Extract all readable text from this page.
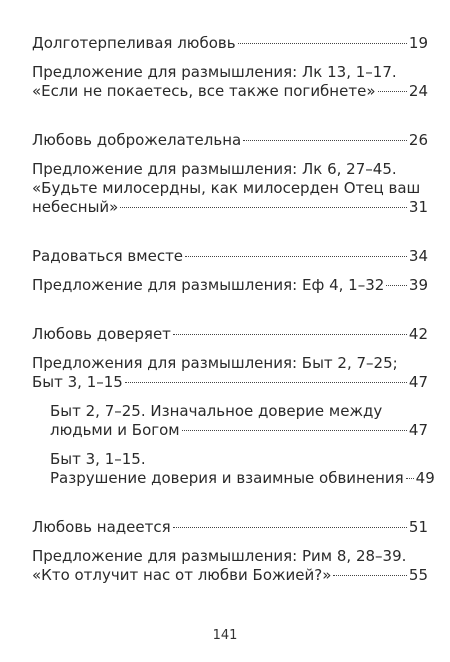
Долготерпеливая любовь	19
Предложение для размышления: Лк 13, 1–17.
«Если не покаетесь, все также погибнете» 24
Любовь доброжелательна	26
Предложение для размышления: Лк 6, 27–45.
«Будьте милосердны, как милосерден Отец ваш
небесный»	31
Радоваться вместе	34
Предложение для размышления: Еф 4, 1–32 39
Любовь доверяет	42
Предложения для размышления: Быт 2, 7–25;
Быт 3, 1–15	47
Быт 2, 7–25. Изначальное доверие между
людьми и Богом	47
Быт 3, 1–15.
Разрушение доверия и взаимные обвинения 49
Любовь надеется	51
Предложение для размышления: Рим 8, 28–39.
«Кто отлучит нас от любви Божией?»	55
141
